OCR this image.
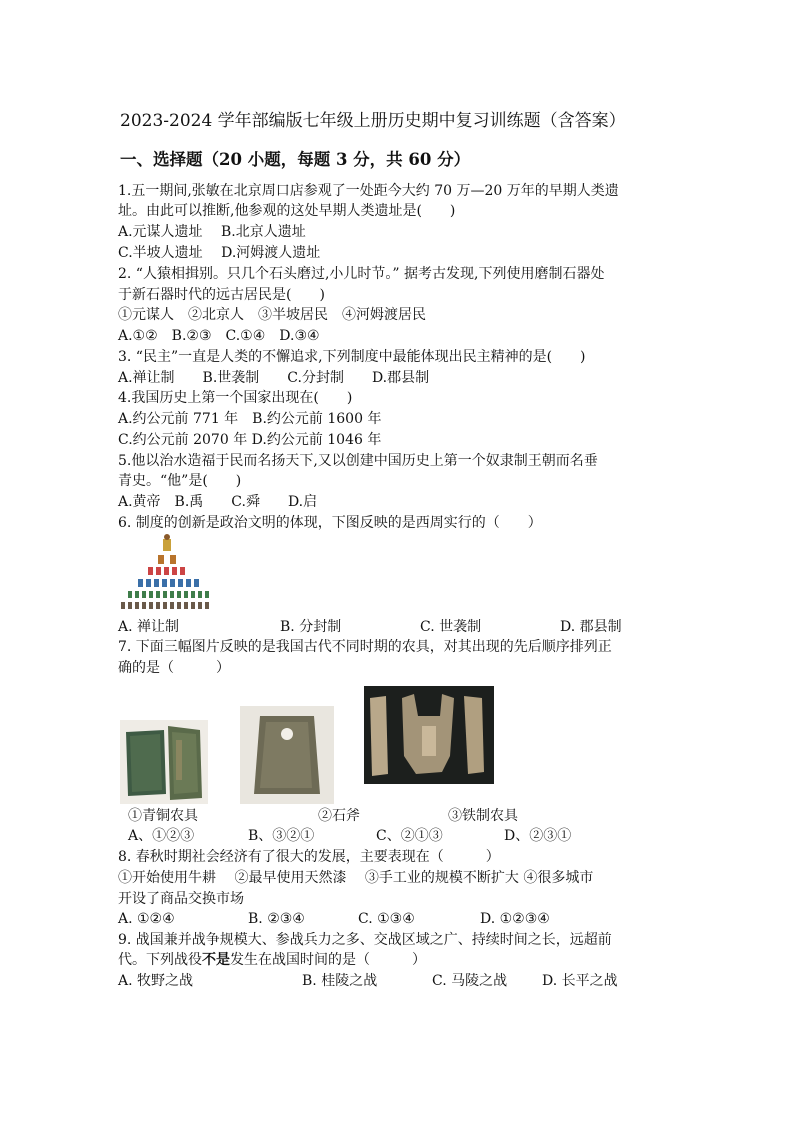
2023-2024 学年部编版七年级上册历史期中复习训练题（含答案）
一、选择题（20 小题，每题 3 分，共 60 分）
1.五一期间,张敏在北京周口店参观了一处距今大约 70 万—20 万年的早期人类遗
址。由此可以推断,他参观的这处早期人类遗址是(　　)
A.元谋人遗址　 B.北京人遗址
C.半坡人遗址　 D.河姆渡人遗址
2. “人猿相揖别。只几个石头磨过,小儿时节。” 据考古发现,下列使用磨制石器处
于新石器时代的远古居民是(　　)
①元谋人　②北京人　③半坡居民　④河姆渡居民
A.①②　B.②③　C.①④　D.③④
3. “民主”一直是人类的不懈追求,下列制度中最能体现出民主精神的是(　　)
A.禅让制　　B.世袭制　　C.分封制　　D.郡县制
4.我国历史上第一个国家出现在(　　)
A.约公元前 771 年　B.约公元前 1600 年
C.约公元前 2070 年 D.约公元前 1046 年
5.他以治水造福于民而名扬天下,又以创建中国历史上第一个奴隶制王朝而名垂
青史。“他”是(　　)
A.黄帝　B.禹　　C.舜　　D.启
6. 制度的创新是政治文明的体现，下图反映的是西周实行的（　　）
A. 禅让制	B. 分封制	C. 世袭制	D. 郡县制
7. 下面三幅图片反映的是我国古代不同时期的农具，对其出现的先后顺序排列正
确的是（　　　）
①青铜农具	②石斧	③铁制农具
A、①②③	B、③②①	C、②①③	D、②③①
8. 春秋时期社会经济有了很大的发展，主要表现在（　　　）
①开始使用牛耕　 ②最早使用天然漆　 ③手工业的规模不断扩大 ④很多城市
开设了商品交换市场
A. ①②④	B. ②③④	C. ①③④	D. ①②③④
9. 战国兼并战争规模大、参战兵力之多、交战区域之广、持续时间之长，远超前
代。下列战役不是发生在战国时间的是（　　　）
A. 牧野之战	B. 桂陵之战	C. 马陵之战 D. 长平之战
